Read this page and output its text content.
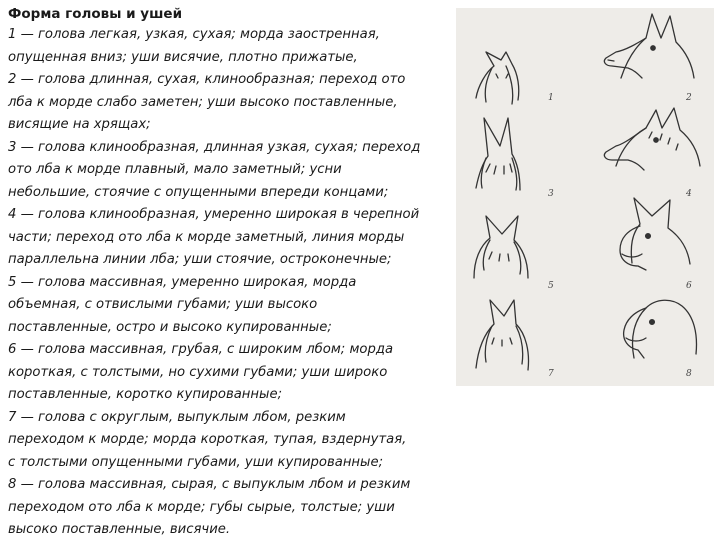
Форма головы и ушей

1 — голова легкая, узкая, сухая; морда заостренная,

опущенная вниз; уши висячие, плотно прижатые,

2 — голова длинная, сухая, клинообразная; переход ото

лба к морде слабо заметен; уши высоко поставленные,

висящие на хрящах;

3 — голова клинообразная, длинная узкая, сухая; переход

ото лба к морде плавный, мало заметный; усни

небольшие, стоячие с опущенными впереди концами;

4 — голова клинообразная, умеренно широкая в черепной

части; переход ото лба к морде заметный, линия морды

параллельна линии лба; уши стоячие, остроконечные;

5 — голова массивная, умеренно широкая, морда

объемная, с отвислыми губами; уши высоко

поставленные, остро и высоко купированные;

6 — голова массивная, грубая, с широким лбом; морда

короткая, с толстыми, но сухими губами; уши широко

поставленные, коротко купированные;

7 — голова с округлым, выпуклым лбом, резким

переходом к морде; морда короткая, тупая, вздернутая,

с толстыми опущенными губами, уши купированные;

8 — голова массивная, сырая, с выпуклым лбом и резким

переходом ото лба к морде; губы сырые, толстые; уши

высоко поставленные, висячие.

1	2
3	4
5	6
7	8
